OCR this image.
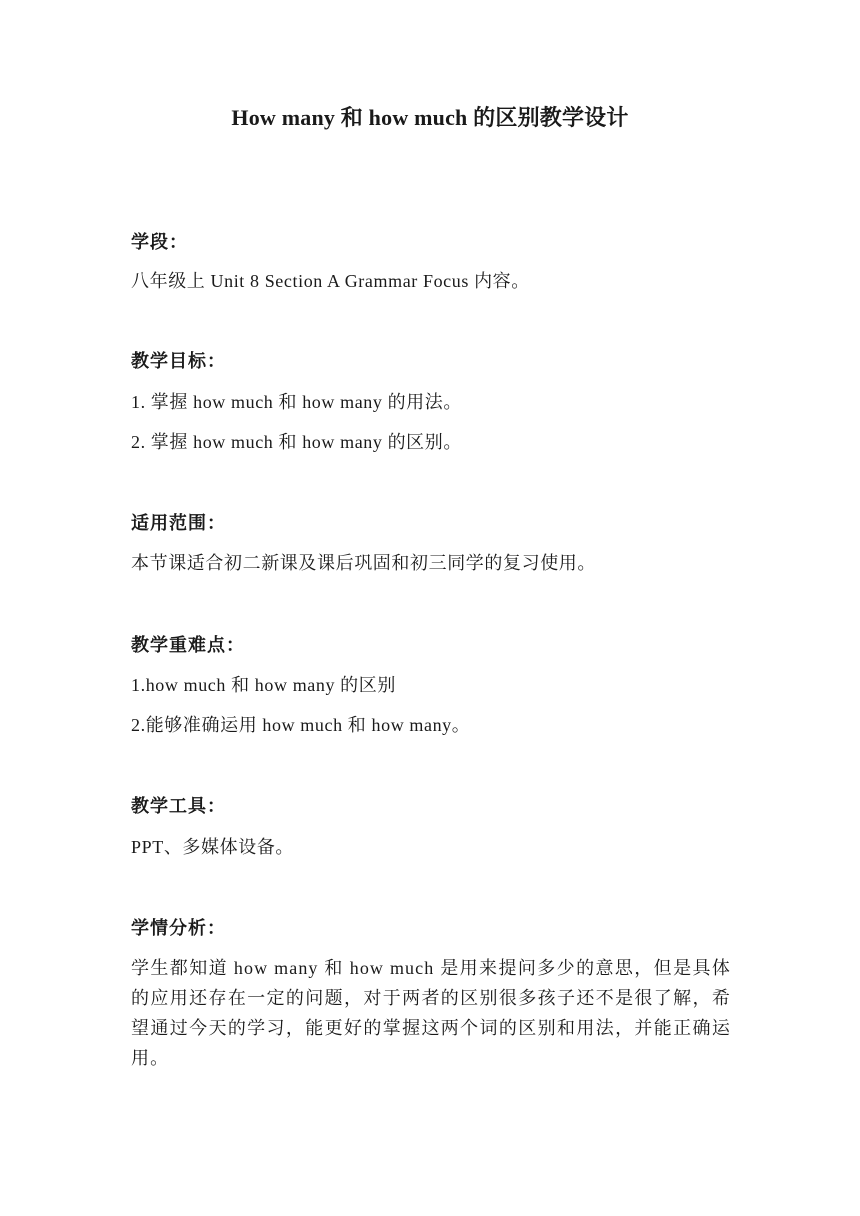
How many 和 how much 的区别教学设计
学段：
八年级上 Unit 8 Section A Grammar Focus 内容。
教学目标：
1. 掌握 how much 和 how many 的用法。
2. 掌握 how much 和 how many 的区别。
适用范围：
本节课适合初二新课及课后巩固和初三同学的复习使用。
教学重难点：
1.how much 和 how many 的区别
2.能够准确运用 how much 和 how many。
教学工具：
PPT、多媒体设备。
学情分析：
学生都知道 how many 和 how much 是用来提问多少的意思，但是具体的应用还存在一定的问题，对于两者的区别很多孩子还不是很了解，希望通过今天的学习，能更好的掌握这两个词的区别和用法，并能正确运用。
